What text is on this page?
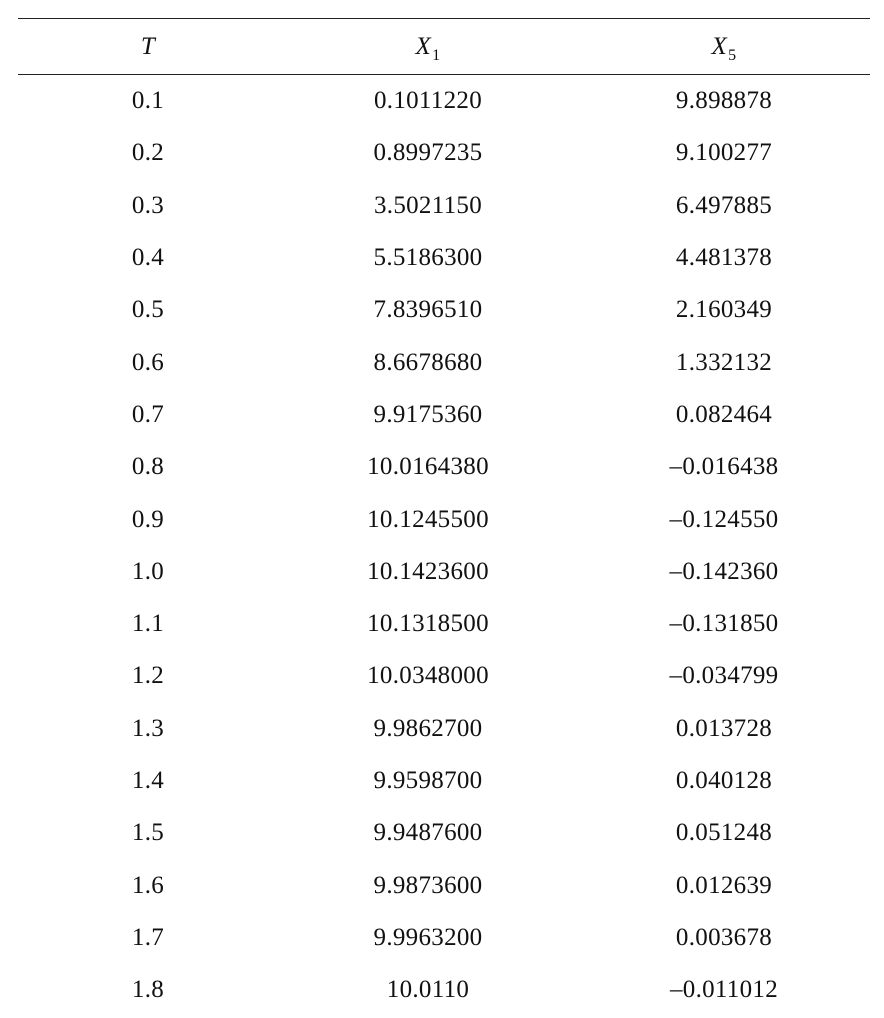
T	$X_1$	$X_5$
0.1	0.1011220	9.898878
0.2	0.8997235	9.100277
0.3	3.5021150	6.497885
0.4	5.5186300	4.481378
0.5	7.8396510	2.160349
0.6	8.6678680	1.332132
0.7	9.9175360	0.082464
0.8	10.0164380	–0.016438
0.9	10.1245500	–0.124550
1.0	10.1423600	–0.142360
1.1	10.1318500	–0.131850
1.2	10.0348000	–0.034799
1.3	9.9862700	0.013728
1.4	9.9598700	0.040128
1.5	9.9487600	0.051248
1.6	9.9873600	0.012639
1.7	9.9963200	0.003678
1.8	10.0110	–0.011012
